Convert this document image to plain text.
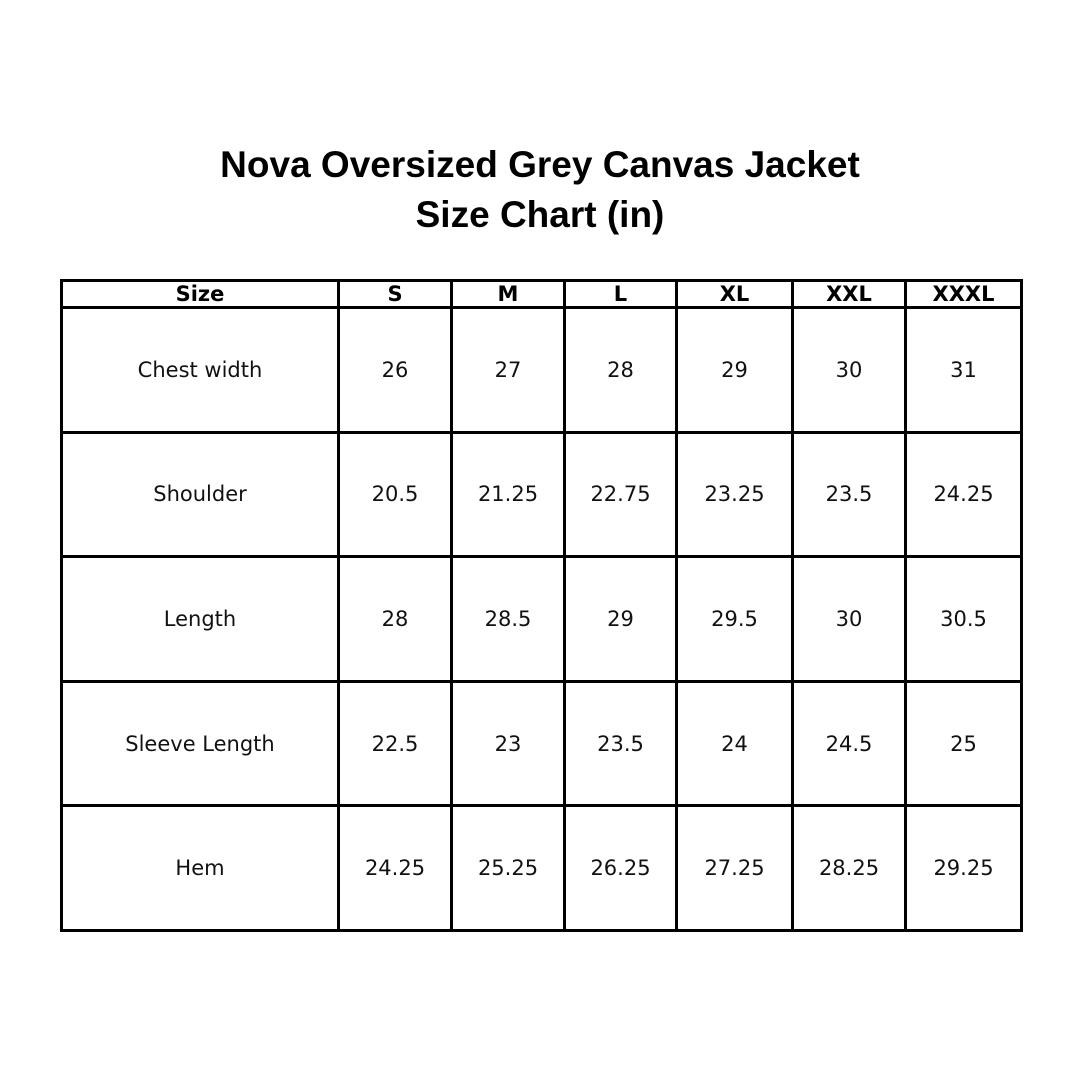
Nova Oversized Grey Canvas Jacket

Size Chart (in)

Size	S	M	L	XL	XXL	XXXL
Chest width	26	27	28	29	30	31
Shoulder	20.5	21.25	22.75	23.25	23.5	24.25
Length	28	28.5	29	29.5	30	30.5
Sleeve Length	22.5	23	23.5	24	24.5	25
Hem	24.25	25.25	26.25	27.25	28.25	29.25
